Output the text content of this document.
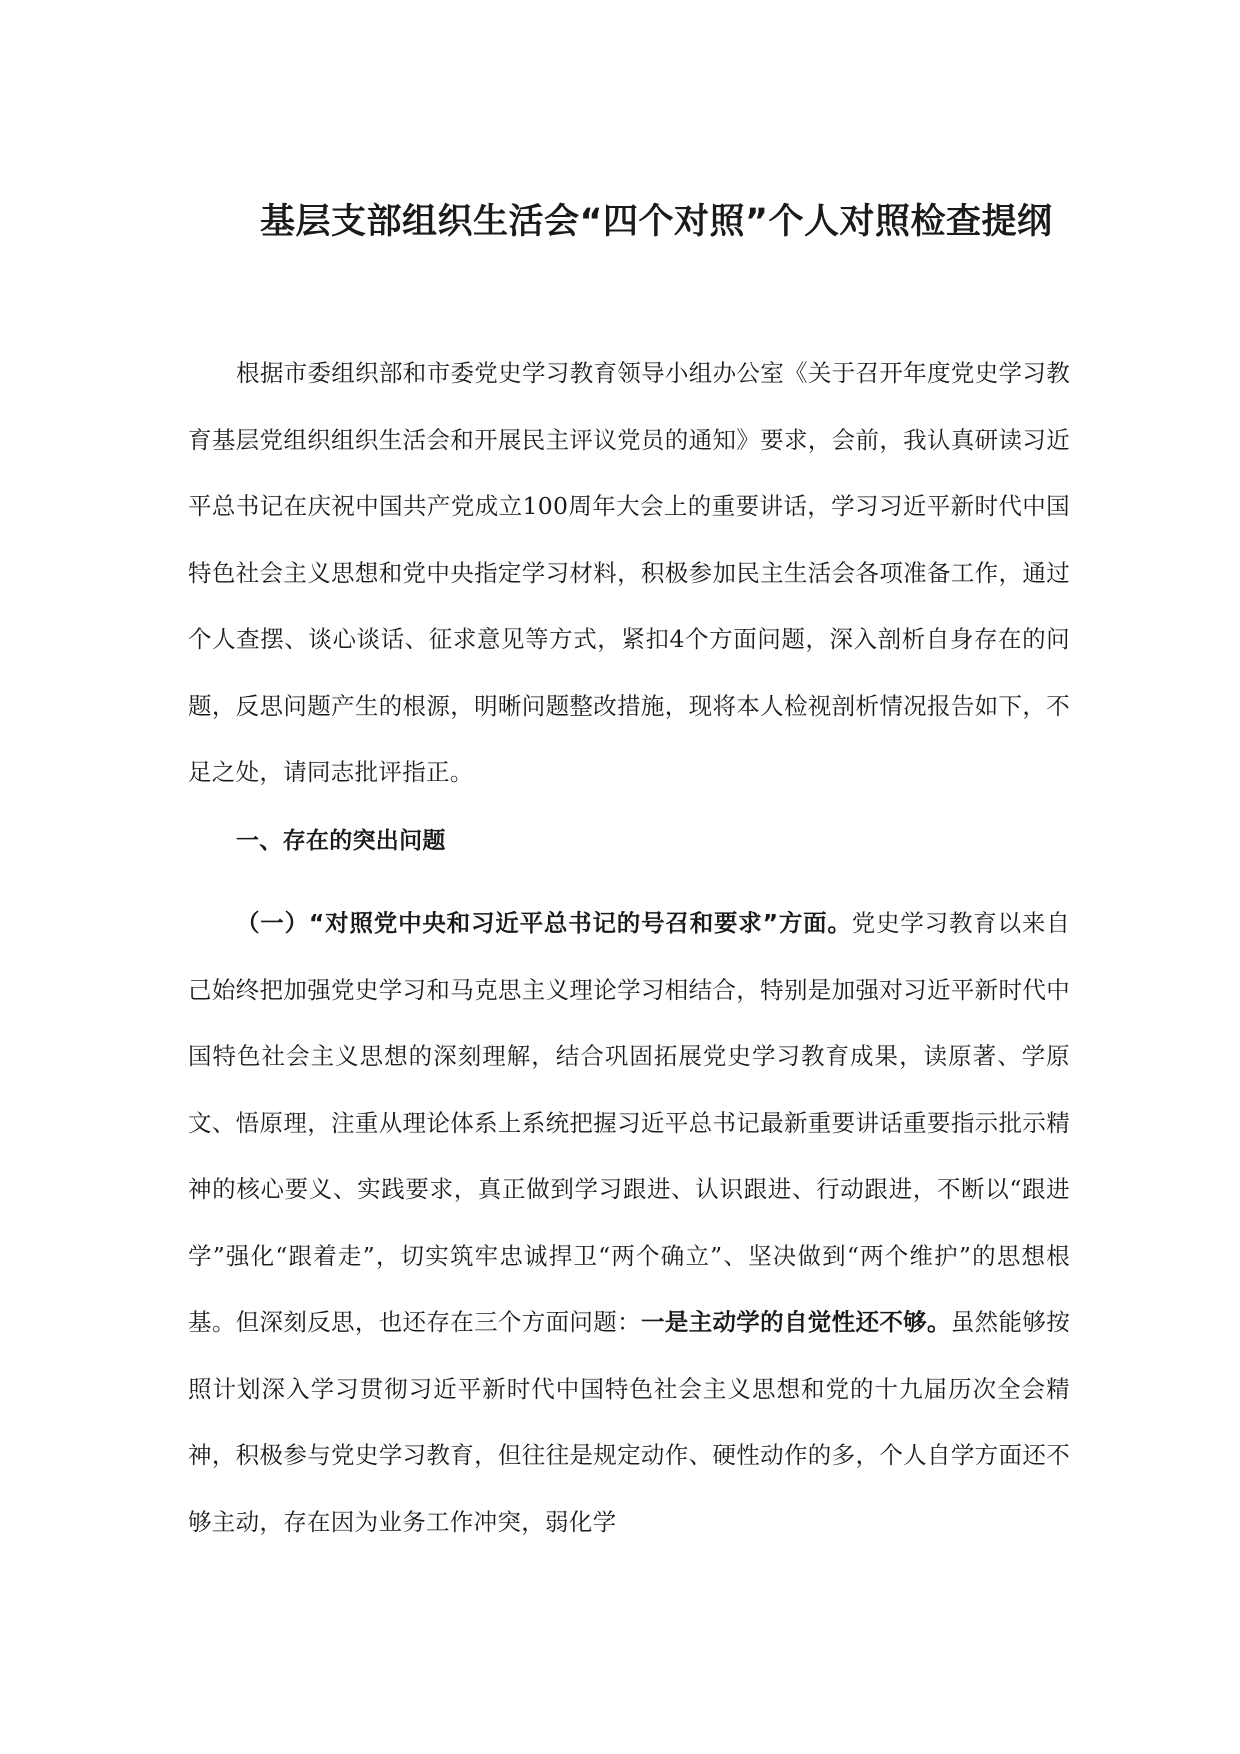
基层支部组织生活会“四个对照”个人对照检查提纲

根据市委组织部和市委党史学习教育领导小组办公室《关于召开年度党史学习教育基层党组织组织生活会和开展民主评议党员的通知》要求，会前，我认真研读习近平总书记在庆祝中国共产党成立100周年大会上的重要讲话，学习习近平新时代中国特色社会主义思想和党中央指定学习材料，积极参加民主生活会各项准备工作，通过个人查摆、谈心谈话、征求意见等方式，紧扣4个方面问题，深入剖析自身存在的问题，反思问题产生的根源，明晰问题整改措施，现将本人检视剖析情况报告如下，不足之处，请同志批评指正。

一、存在的突出问题

（一）“对照党中央和习近平总书记的号召和要求”方面。党史学习教育以来自己始终把加强党史学习和马克思主义理论学习相结合，特别是加强对习近平新时代中国特色社会主义思想的深刻理解，结合巩固拓展党史学习教育成果，读原著、学原文、悟原理，注重从理论体系上系统把握习近平总书记最新重要讲话重要指示批示精神的核心要义、实践要求，真正做到学习跟进、认识跟进、行动跟进，不断以“跟进学”强化“跟着走”，切实筑牢忠诚捍卫“两个确立”、坚决做到“两个维护”的思想根基。但深刻反思，也还存在三个方面问题：一是主动学的自觉性还不够。虽然能够按照计划深入学习贯彻习近平新时代中国特色社会主义思想和党的十九届历次全会精神，积极参与党史学习教育，但往往是规定动作、硬性动作的多，个人自学方面还不够主动，存在因为业务工作冲突，弱化学
